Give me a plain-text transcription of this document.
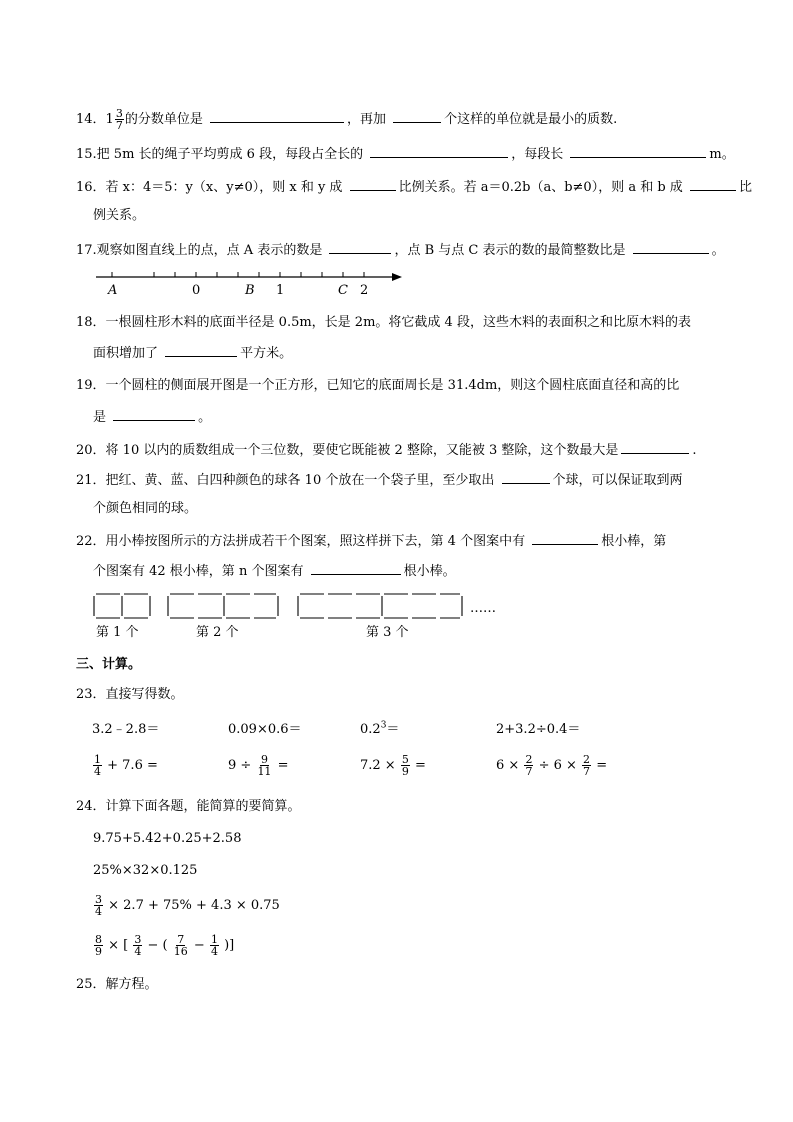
14．$1 \frac{3}{7}$ 的分数单位是	，再加	个这样的单位就是最小的质数.
15.把 5m 长的绳子平均剪成 6 段，每段占全长的	，每段长	m。
16．若 x：4＝5：y（x、y≠0），则 x 和 y 成	比例关系。若 a＝0.2b（a、b≠0），则 a 和 b 成	比
例关系。
17.观察如图直线上的点，点 A 表示的数是	，点 B 与点 C 表示的数的最简整数比是	。
A	0	B 1	C 2
18．一根圆柱形木料的底面半径是 0.5m，长是 2m。将它截成 4 段，这些木料的表面积之和比原木料的表
面积增加了	平方米。
19．一个圆柱的侧面展开图是一个正方形，已知它的底面周长是 31.4dm，则这个圆柱底面直径和高的比
是	。
20．将 10 以内的质数组成一个三位数，要使它既能被 2 整除，又能被 3 整除，这个数最大是	.
21．把红、黄、蓝、白四种颜色的球各 10 个放在一个袋子里，至少取出	个球，可以保证取到两
个颜色相同的球。
22．用小棒按图所示的方法拼成若干个图案，照这样拼下去，第 4 个图案中有	根小棒，第
个图案有 42 根小棒，第 n 个图案有	根小棒。
……
第 1 个	第 2 个	第 3 个
三、计算。
23．直接写得数。
3.2﹣2.8＝	0.09×0.6＝	$0.2^3=$	2+3.2÷0.4＝
$\frac{1}{4} + 7.6$ =	$9 \div \frac{9}{11}$ =	$7.2 \times \frac{5}{9}$ =	$6 \times \frac{2}{7} \div 6 \times \frac{2}{7}$ =
24．计算下面各题，能简算的要简算。
9.75+5.42+0.25+2.58
25%×32×0.125
$\frac{3}{4} \times 2.7 + 75\% + 4.3 \times 0.75$
$\frac{8}{9}$ × [ $\frac{3}{4}$ − ( $\frac{7}{16} - \frac{1}{4}$ )]
25．解方程。
